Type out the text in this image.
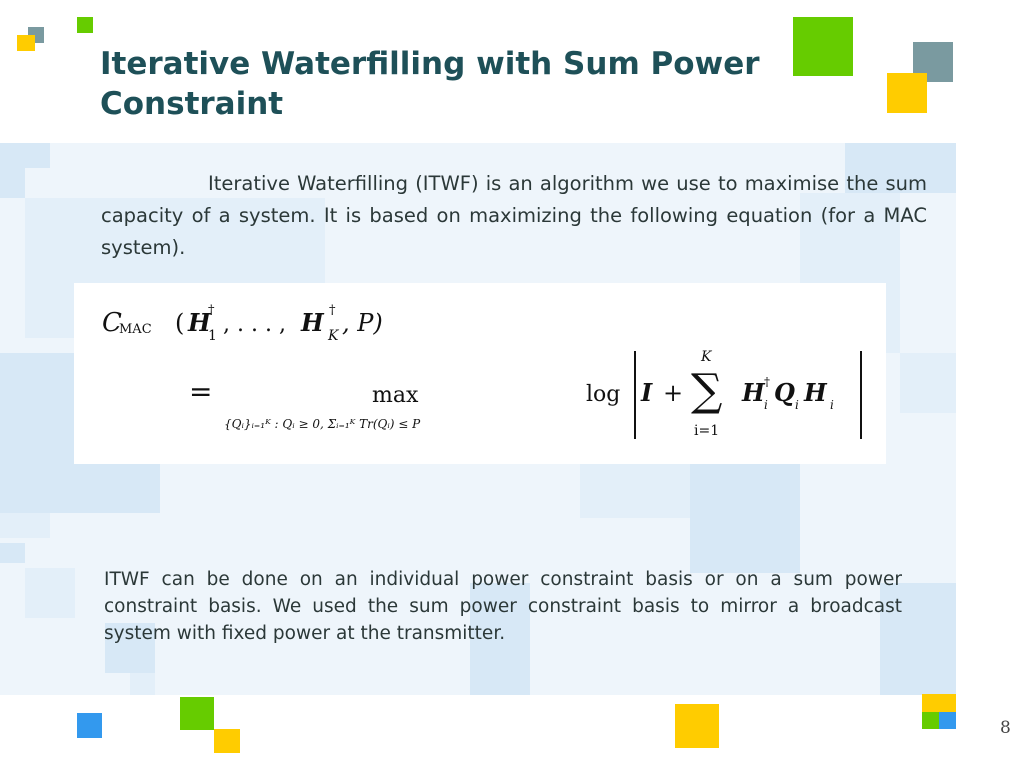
Iterative Waterfilling with Sum Power Constraint

Iterative Waterfilling (ITWF) is an algorithm we use to maximise the sum capacity of a system. It is based on maximizing the following equation (for a MAC system).

C
MAC ( H
†
1 , . . . , H †
K , P)
=	max
{Qᵢ}ᵢ₌₁ᴷ : Qᵢ ≥ 0, Σᵢ₌₁ᴷ Tr(Qᵢ) ≤ P
log I +
K
∑
i=1
H †
i Q i H i

ITWF can be done on an individual power constraint basis or on a sum power constraint basis. We used the sum power constraint basis to mirror a broadcast system with fixed power at the transmitter.

8
